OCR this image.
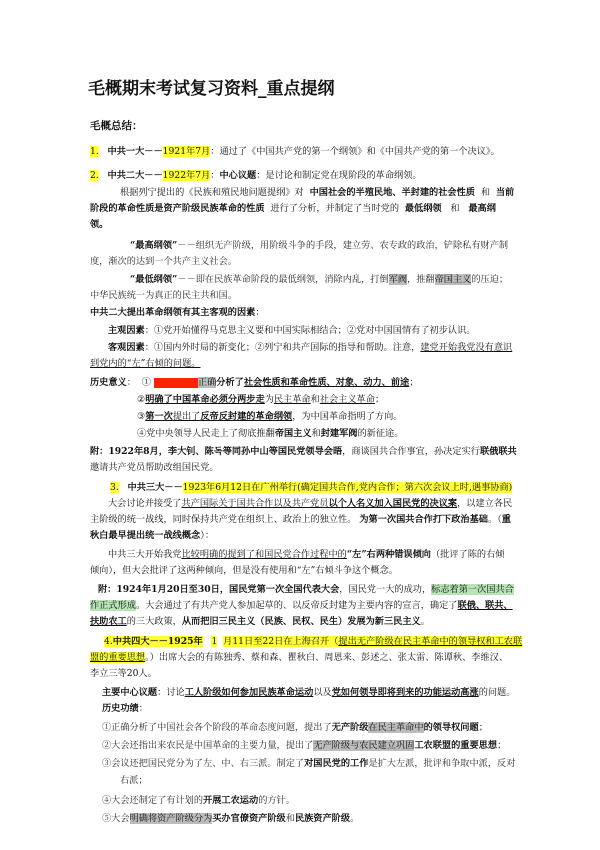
毛概期末考试复习资料_重点提纲
毛概总结：
1. 中共一大－－1921年7月：通过了《中国共产党的第一个纲领》和《中国共产党的第一个决议》。
2. 中共二大－－1922年7月：中心议题：是讨论和制定党在现阶段的革命纲领。
根据列宁提出的《民族和殖民地问题提纲》对 中国社会的半殖民地、半封建的社会性质 和 当前
阶段的革命性质是资产阶级民族革命的性质 进行了分析，并制定了当时党的 最低纲领 和 最高纲
领。
“最高纲领”－－组织无产阶级，用阶级斗争的手段，建立劳、农专政的政治，铲除私有财产制
度，渐次的达到一个共产主义社会。
“最低纲领”－－即在民族革命阶段的最低纲领，消除内乱，打倒军阀，推翻帝国主义的压迫；
中华民族统一为真正的民主共和国。
中共二大提出革命纲领有其主客观的因素：
主观因素：①党开始懂得马克思主义要和中国实际相结合；②党对中国国情有了初步认识。
客观因素：①国内外时局的新变化；②列宁和共产国际的指导和帮助。注意，建党开始我党没有意识
到党内的“左”右倾的问题。
历史意义： ①	正确分析了社会性质和革命性质、对象、动力、前途；
②明确了中国革命必须分两步走为民主革命和社会主义革命；
③第一次提出了反帝反封建的革命纲领，为中国革命指明了方向。
④党中央领导人民走上了彻底推翻帝国主义和封建军阀的新征途。
附：1922年8月，李大钊、陈독等同孙中山等国民党领导会晤，商谈国共合作事宜，孙决定实行联俄联共
邀请共产党员帮助改组国民党。
3. 中共三大－－1923年6月12日在广州举行(确定国共合作,党内合作；第六次会议上时,遇事协商)
大会讨论并接受了共产国际关于国共合作以及共产党员以个人名义加入国民党的决议案，以建立各民
主阶级的统一战线，同时保持共产党在组织上、政治上的独立性。 为第一次国共合作打下政治基础。（重
秋白最早提出统一战线概念）：
中共三大开始我党比较明确的提到了和国民党合作过程中的“左”右两种错误倾向（批评了陈的右倾
倾向），但大会批评了这两种倾向，但是没有使用和“左”右倾斗争这个概念。
附：1924年1月20日至30日，国民党第一次全国代表大会，国民党一大的成功，标志着第一次国共合
作正式形成。大会通过了有共产党人参加起草的、以反帝反封建为主要内容的宣言，确定了联俄、联共、
扶助农工的三大政策，从而把旧三民主义（民族、民权、民生）发展为新三民主义。
4.中共四大－－1925年 1 月11日至22日在上海召开（提出无产阶级在民主革命中的领导权和工农联
盟的重要思想。）出席大会的有陈独秀、蔡和森、瞿秋白、周恩来、彭述之、张太雷、陈谭秋、李维汉、
李立三等20人。
主要中心议题：讨论工人阶级如何参加民族革命运动以及党如何领导即将到来的功能运动高涨的问题。
历史功绩：
①正确分析了中国社会各个阶段的革命态度问题，提出了无产阶级在民主革命中的领导权问题；
②大会还指出来农民是中国革命的主要力量，提出了无产阶级与农民建立巩固工农联盟的重要思想；
③会议还把国民党分为了左、中、右三派。制定了对国民党的工作是扩大左派，批评和争取中派，反对
右派；
④大会还制定了有计划的开展工农运动的方针。
⑤大会明确将资产阶级分为买办官僚资产阶级和民族资产阶级。
